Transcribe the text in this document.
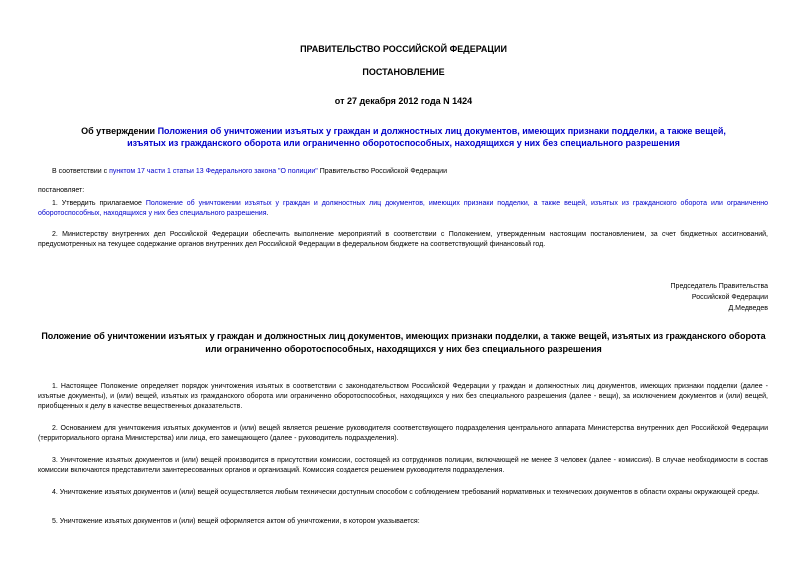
ПРАВИТЕЛЬСТВО РОССИЙСКОЙ ФЕДЕРАЦИИ
ПОСТАНОВЛЕНИЕ
от 27 декабря 2012 года N 1424
Об утверждении Положения об уничтожении изъятых у граждан и должностных лиц документов, имеющих признаки подделки, а также вещей, изъятых из гражданского оборота или ограниченно оборотоспособных, находящихся у них без специального разрешения
В соответствии с пунктом 17 части 1 статьи 13 Федерального закона "О полиции" Правительство Российской Федерации
постановляет:
1. Утвердить прилагаемое Положение об уничтожении изъятых у граждан и должностных лиц документов, имеющих признаки подделки, а также вещей, изъятых из гражданского оборота или ограниченно оборотоспособных, находящихся у них без специального разрешения.
2. Министерству внутренних дел Российской Федерации обеспечить выполнение мероприятий в соответствии с Положением, утвержденным настоящим постановлением, за счет бюджетных ассигнований, предусмотренных на текущее содержание органов внутренних дел Российской Федерации в федеральном бюджете на соответствующий финансовый год.
Председатель Правительства
Российской Федерации
Д.Медведев
Положение об уничтожении изъятых у граждан и должностных лиц документов, имеющих признаки подделки, а также вещей, изъятых из гражданского оборота или ограниченно оборотоспособных, находящихся у них без специального разрешения
1. Настоящее Положение определяет порядок уничтожения изъятых в соответствии с законодательством Российской Федерации у граждан и должностных лиц документов, имеющих признаки подделки (далее - изъятые документы), и (или) вещей, изъятых из гражданского оборота или ограниченно оборотоспособных, находящихся у них без специального разрешения (далее - вещи), за исключением документов и (или) вещей, приобщенных к делу в качестве вещественных доказательств.
2. Основанием для уничтожения изъятых документов и (или) вещей является решение руководителя соответствующего подразделения центрального аппарата Министерства внутренних дел Российской Федерации (территориального органа Министерства) или лица, его замещающего (далее - руководитель подразделения).
3. Уничтожение изъятых документов и (или) вещей производится в присутствии комиссии, состоящей из сотрудников полиции, включающей не менее 3 человек (далее - комиссия). В случае необходимости в состав комиссии включаются представители заинтересованных органов и организаций. Комиссия создается решением руководителя подразделения.
4. Уничтожение изъятых документов и (или) вещей осуществляется любым технически доступным способом с соблюдением требований нормативных и технических документов в области охраны окружающей среды.
5. Уничтожение изъятых документов и (или) вещей оформляется актом об уничтожении, в котором указывается:
